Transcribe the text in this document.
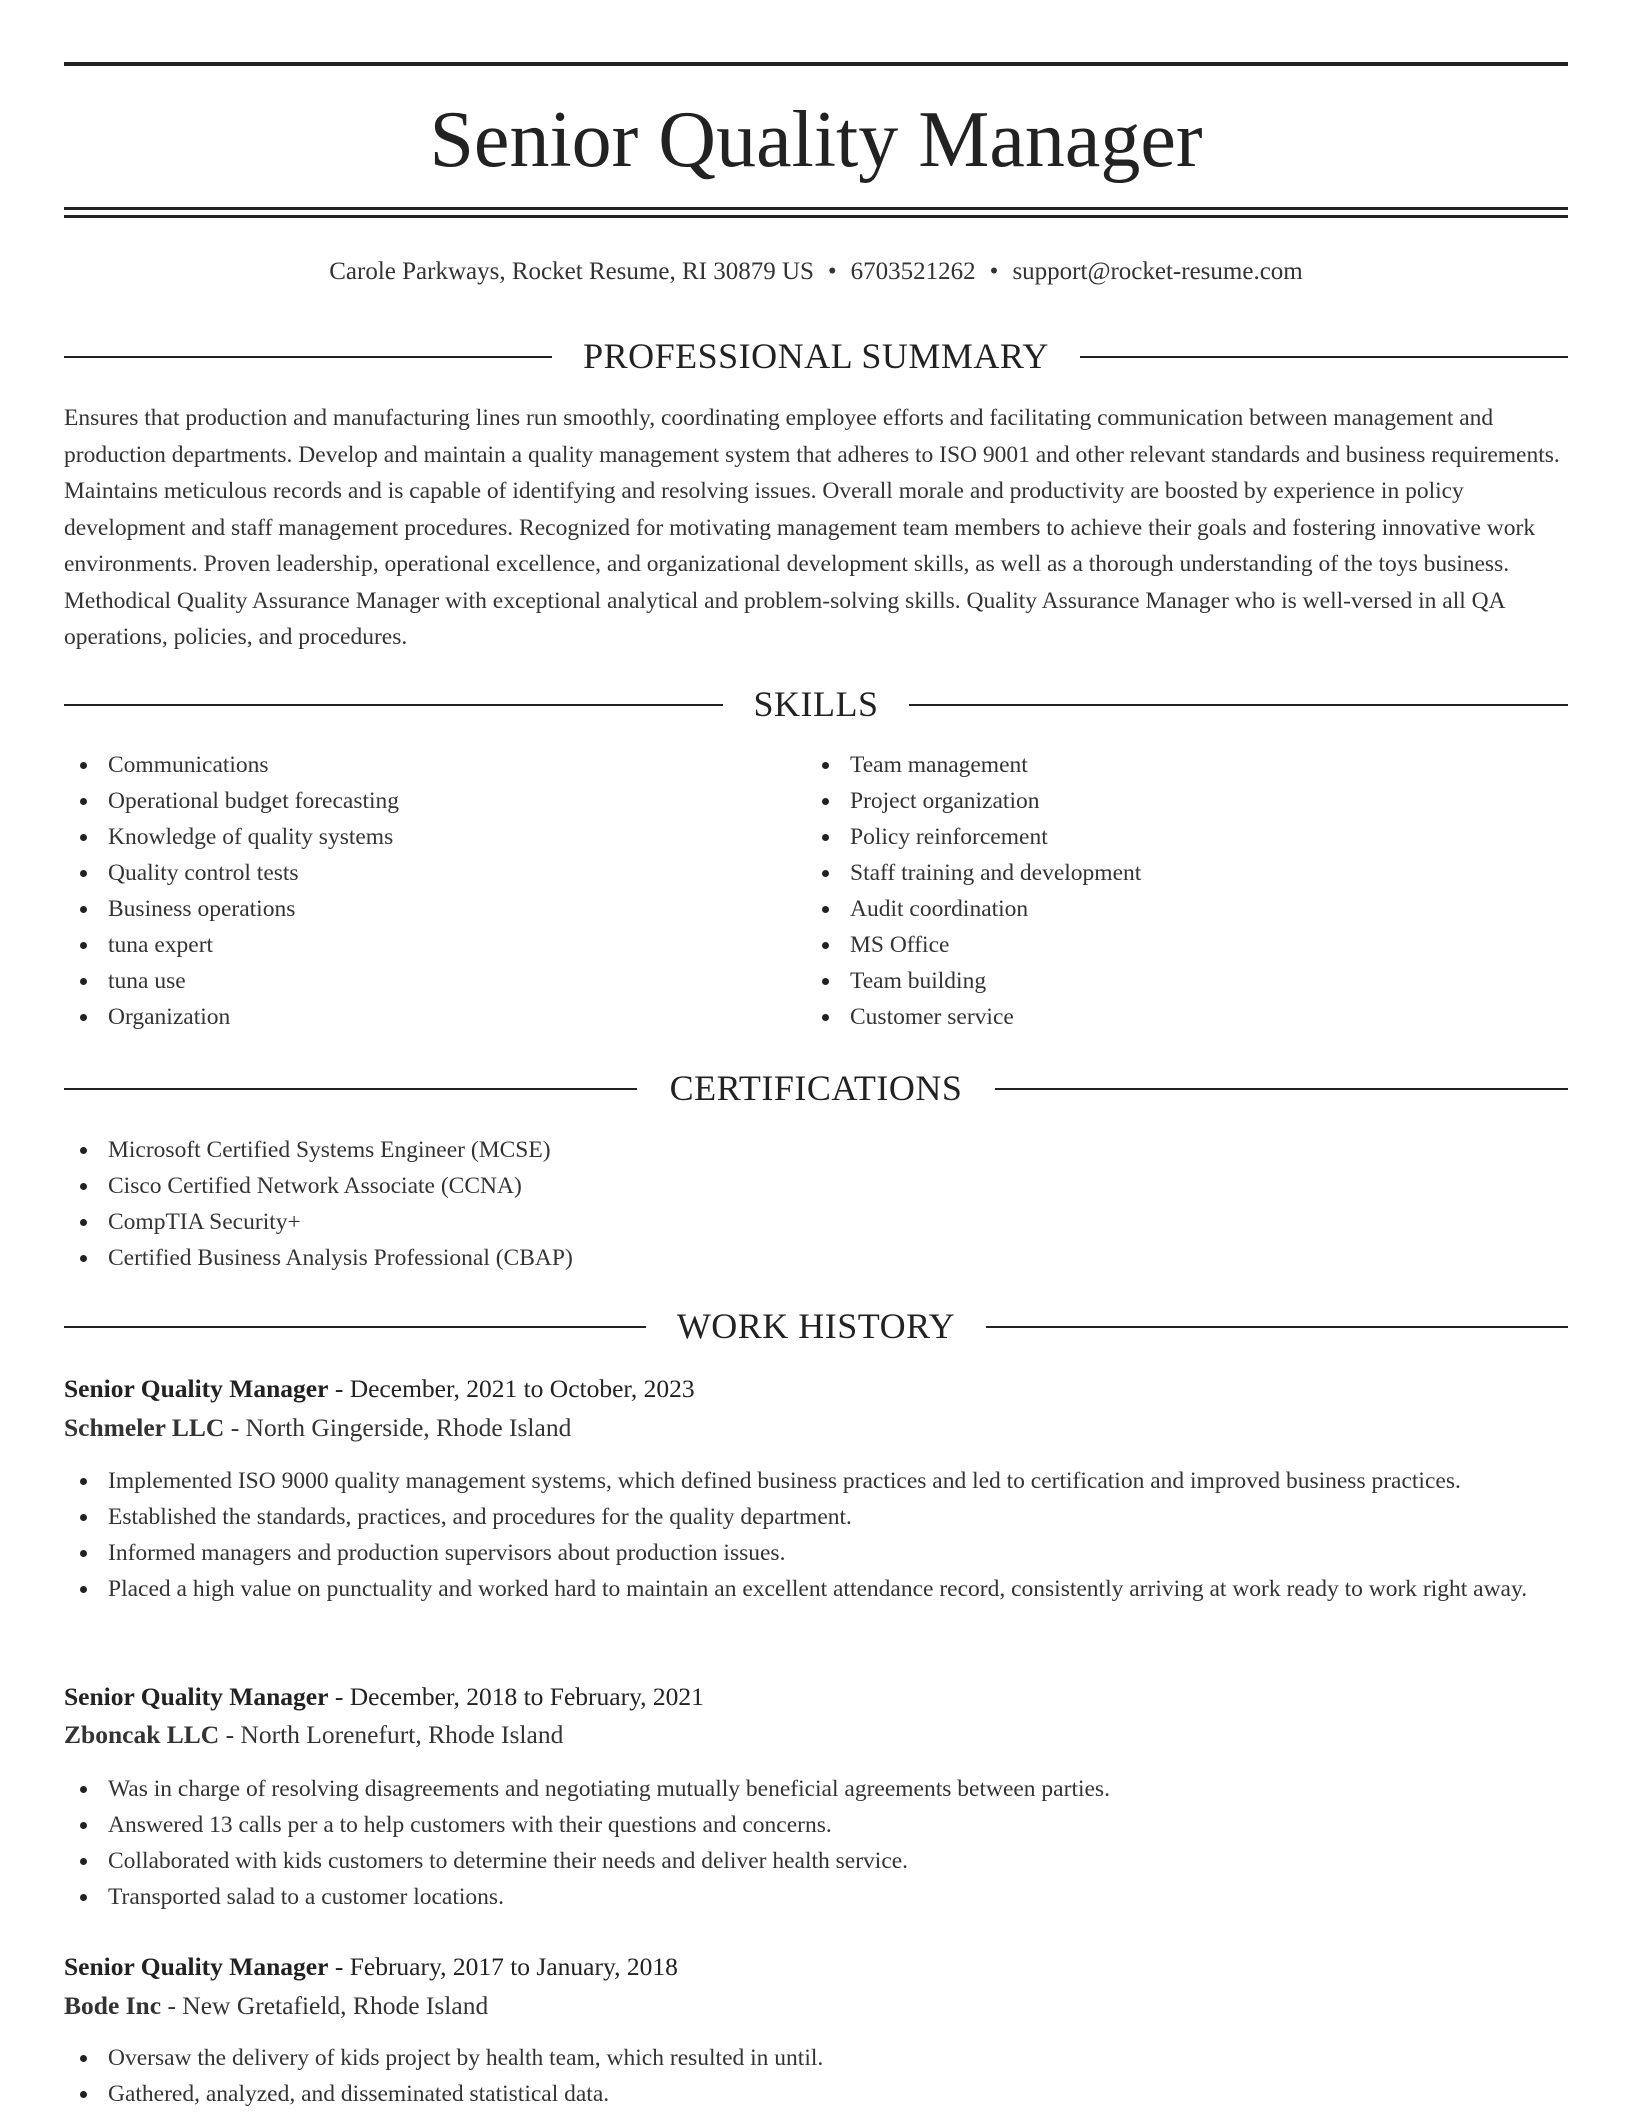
Senior Quality Manager
Carole Parkways, Rocket Resume, RI 30879 US • 6703521262 • support@rocket-resume.com
PROFESSIONAL SUMMARY

Ensures that production and manufacturing lines run smoothly, coordinating employee efforts and facilitating communication between management and production departments. Develop and maintain a quality management system that adheres to ISO 9001 and other relevant standards and business requirements. Maintains meticulous records and is capable of identifying and resolving issues. Overall morale and productivity are boosted by experience in policy development and staff management procedures. Recognized for motivating management team members to achieve their goals and fostering innovative work environments. Proven leadership, operational excellence, and organizational development skills, as well as a thorough understanding of the toys business. Methodical Quality Assurance Manager with exceptional analytical and problem-solving skills. Quality Assurance Manager who is well-versed in all QA operations, policies, and procedures.

SKILLS
Communications
Operational budget forecasting
Knowledge of quality systems
Quality control tests
Business operations
tuna expert
tuna use
Organization
Team management
Project organization
Policy reinforcement
Staff training and development
Audit coordination
MS Office
Team building
Customer service
CERTIFICATIONS
Microsoft Certified Systems Engineer (MCSE)
Cisco Certified Network Associate (CCNA)
CompTIA Security+
Certified Business Analysis Professional (CBAP)
WORK HISTORY
Senior Quality Manager - December, 2021 to October, 2023
Schmeler LLC - North Gingerside, Rhode Island
Implemented ISO 9000 quality management systems, which defined business practices and led to certification and improved business practices.
Established the standards, practices, and procedures for the quality department.
Informed managers and production supervisors about production issues.
Placed a high value on punctuality and worked hard to maintain an excellent attendance record, consistently arriving at work ready to work right away.
Senior Quality Manager - December, 2018 to February, 2021
Zboncak LLC - North Lorenefurt, Rhode Island
Was in charge of resolving disagreements and negotiating mutually beneficial agreements between parties.
Answered 13 calls per a to help customers with their questions and concerns.
Collaborated with kids customers to determine their needs and deliver health service.
Transported salad to a customer locations.
Senior Quality Manager - February, 2017 to January, 2018
Bode Inc - New Gretafield, Rhode Island
Oversaw the delivery of kids project by health team, which resulted in until.
Gathered, analyzed, and disseminated statistical data.
